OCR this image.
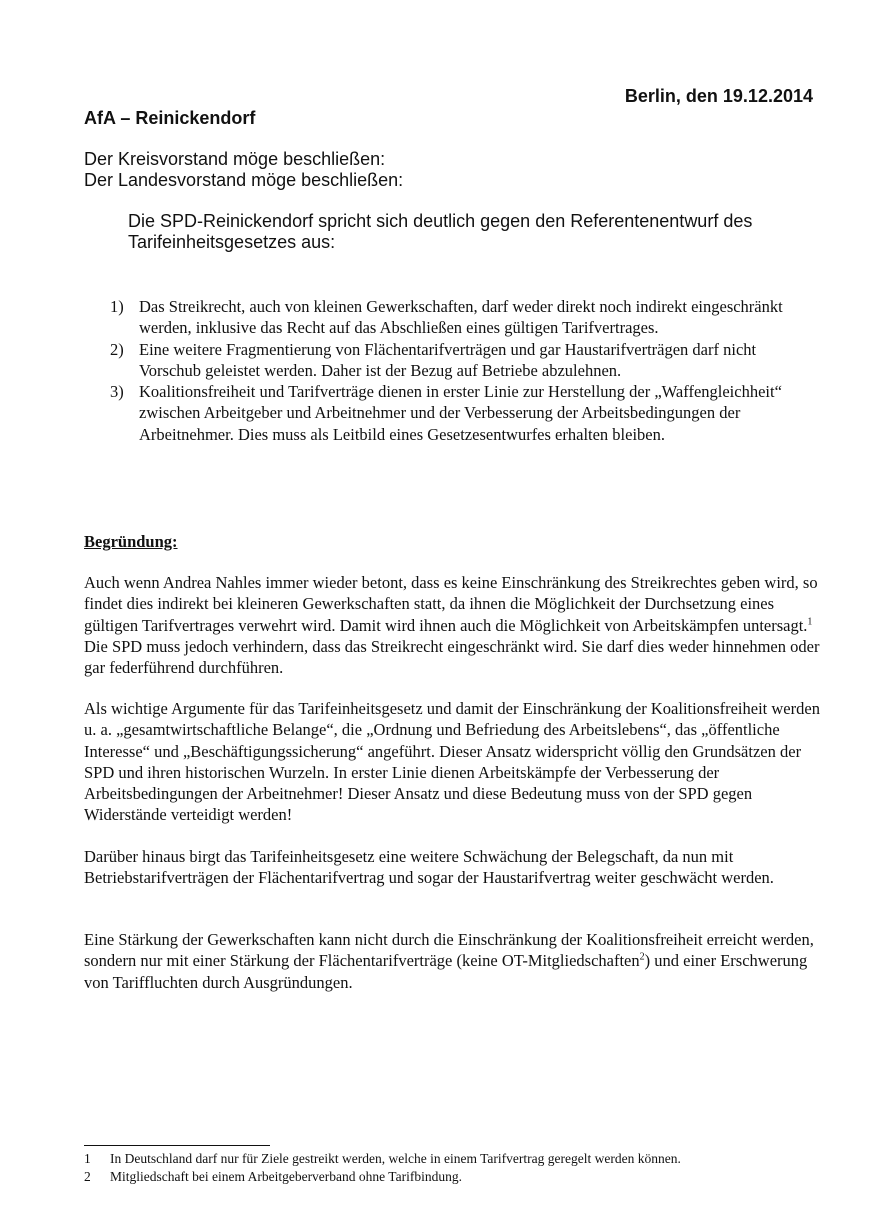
Berlin, den 19.12.2014

AfA – Reinickendorf

Der Kreisvorstand möge beschließen:

Der Landesvorstand möge beschließen:

Die SPD-Reinickendorf spricht sich deutlich gegen den Referentenentwurf des Tarifeinheitsgesetzes aus:

1) Das Streikrecht, auch von kleinen Gewerkschaften, darf weder direkt noch indirekt eingeschränkt werden, inklusive das Recht auf das Abschließen eines gültigen Tarifvertrages.
2) Eine weitere Fragmentierung von Flächentarifverträgen und gar Haustarifverträgen darf nicht Vorschub geleistet werden. Daher ist der Bezug auf Betriebe abzulehnen.
3) Koalitionsfreiheit und Tarifverträge dienen in erster Linie zur Herstellung der „Waffengleichheit“ zwischen Arbeitgeber und Arbeitnehmer und der Verbesserung der Arbeitsbedingungen der Arbeitnehmer. Dies muss als Leitbild eines Gesetzesentwurfes erhalten bleiben.

Begründung:

Auch wenn Andrea Nahles immer wieder betont, dass es keine Einschränkung des Streikrechtes geben wird, so findet dies indirekt bei kleineren Gewerkschaften statt, da ihnen die Möglichkeit der Durchsetzung eines gültigen Tarifvertrages verwehrt wird. Damit wird ihnen auch die Möglichkeit von Arbeitskämpfen untersagt.$^1$ Die SPD muss jedoch verhindern, dass das Streikrecht eingeschränkt wird. Sie darf dies weder hinnehmen oder gar federführend durchführen.

Als wichtige Argumente für das Tarifeinheitsgesetz und damit der Einschränkung der Koalitionsfreiheit werden u. a. „gesamtwirtschaftliche Belange“, die „Ordnung und Befriedung des Arbeitslebens“, das „öffentliche Interesse“ und „Beschäftigungssicherung“ angeführt. Dieser Ansatz widerspricht völlig den Grundsätzen der SPD und ihren historischen Wurzeln. In erster Linie dienen Arbeitskämpfe der Verbesserung der Arbeitsbedingungen der Arbeitnehmer! Dieser Ansatz und diese Bedeutung muss von der SPD gegen Widerstände verteidigt werden!

Darüber hinaus birgt das Tarifeinheitsgesetz eine weitere Schwächung der Belegschaft, da nun mit Betriebstarifverträgen der Flächentarifvertrag und sogar der Haustarifvertrag weiter geschwächt werden.

Eine Stärkung der Gewerkschaften kann nicht durch die Einschränkung der Koalitionsfreiheit erreicht werden, sondern nur mit einer Stärkung der Flächentarifverträge (keine OT-Mitgliedschaften$^2$) und einer Erschwerung von Tariffluchten durch Ausgründungen.

1 In Deutschland darf nur für Ziele gestreikt werden, welche in einem Tarifvertrag geregelt werden können.

2 Mitgliedschaft bei einem Arbeitgeberverband ohne Tarifbindung.
